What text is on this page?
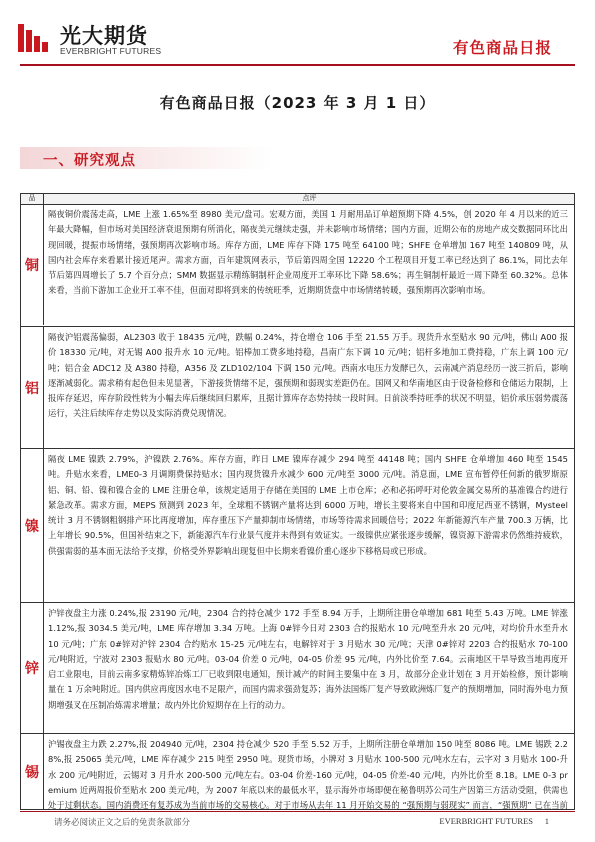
光大期货
EVERBRIGHT FUTURES	有色商品日报
有色商品日报（2023 年 3 月 1 日）
一、研究观点
品	点评
铜

隔夜铜价震荡走高，LME 上涨 1.65%至 8980 美元/盘司。宏观方面，美国 1 月耐用品订单超预期下降 4.5%，创 2020 年 4 月以来的近三年最大降幅，但市场对美国经济衰退预期有所消化，隔夜美元继续走强，并未影响市场情绪；国内方面，近期公布的房地产成交数据同环比出现回暖，提振市场情绪，强预期再次影响市场。库存方面，LME 库存下降 175 吨至 64100 吨；SHFE 仓单增加 167 吨至 140809 吨，从国内社会库存来看累计接近尾声。需求方面，百年建筑网表示，节后第四周全国 12220 个工程项目开复工率已经达到了 86.1%，同比去年节后第四周增长了 5.7 个百分点；SMM 数据显示精练铜制杆企业周度开工率环比下降 58.6%；再生铜制杆最近一周下降至 60.32%。总体来看，当前下游加工企业开工率不佳，但面对即将到来的传统旺季，近期期货盘中市场情绪转暖，强预期再次影响市场。

铝

隔夜沪铝震荡偏弱，AL2303 收于 18435 元/吨，跌幅 0.24%，持仓增仓 106 手至 21.55 万手。现货升水至贴水 90 元/吨，佛山 A00 报价 18330 元/吨，对无锡 A00 报升水 10 元/吨。铝棒加工费多地持稳，昌南广东下调 10 元/吨；铝杆多地加工费持稳，广东上调 100 元/吨；铝合金 ADC12 及 A380 持稳，A356 及 ZLD102/104 下调 150 元/吨。西南水电压力发酵已久，云南减产消息经历一波三折后，影响逐渐减弱化。需求稍有起色但未见显著，下游接货情绪不足，强预期和弱现实差距仍在。国网又和华南地区由于设备检修和仓储运力限制，上报库存延迟，库存阶段性转为小幅去库后继续回归累库，且据计算库存态势持续一段时间。日前淡季持旺季的状况不明显，铝价承压弱势震荡运行，关注后续库存走势以及实际消费兑现情况。

镍

隔夜 LME 镍跌 2.79%，沪镍跌 2.76%。库存方面，昨日 LME 镍库存减少 294 吨至 44148 吨；国内 SHFE 仓单增加 460 吨至 1545 吨。升贴水来看，LME0-3 月调期费保持贴水；国内现货镍升水减少 600 元/吨至 3000 元/吨。消息面，LME 宣布暂停任何新的俄罗斯原铝、铜、铅、镍和镍合金的 LME 注册仓单，该规定适用于存储在美国的 LME 上市仓库；必和必拓呼吁对伦敦金属交易所的基准镍合约进行紧急改革。需求方面，MEPS 预测到 2023 年，全球粗不锈钢产量将达到 6000 万吨，增长主要将来自中国和印度尼西亚不锈钢，Mysteel 统计 3 月不锈钢粗钢排产环比再度增加，库存重压下产量抑制市场情绪，市场等待需求回暖信号；2022 年新能源汽车产量 700.3 万辆，比上年增长 90.5%，但国补结束之下，新能源汽车行业景气度并未得到有效证实。一级镍供应紧张逐步缓解，镍资源下游需求仍然维持疲软，供强需弱的基本面无法给予支撑，价格受外界影响出现复但中长期来看镍价重心逐步下移格局或已形成。

锌

沪锌夜盘主力涨 0.24%,报 23190 元/吨，2304 合约持仓减少 172 手至 8.94 万手，上期所注册仓单增加 681 吨至 5.43 万吨。LME 锌涨 1.12%,报 3034.5 美元/吨，LME 库存增加 3.34 万吨。上海 0#锌今日对 2303 合约报贴水 10 元/吨至升水 20 元/吨，对均价升水至升水 10 元/吨；广东 0#锌对沪锌 2304 合约贴水 15-25 元/吨左右，电解锌对于 3 月贴水 30 元/吨；天津 0#锌对 2203 合约报贴水 70-100 元/吨附近，宁波对 2303 报贴水 80 元/吨。03-04 价差 0 元/吨，04-05 价差 95 元/吨，内外比价至 7.64。云南地区干旱导致当地再度开启工业限电，目前云南多家精炼锌冶炼工厂已收到限电通知，预计减产的时间主要集中在 3 月，故部分企业计划在 3 月开始检修，预计影响量在 1 万余吨附近。国内供应再度因水电不足限产，而国内需求强劲复苏；海外法国炼厂复产导致欧洲炼厂复产的预期增加，同时海外电力预期增强叉在压制冶炼需求增量；故内外比价短期存在上行的动力。

锡

沪锡夜盘主力跌 2.27%,报 204940 元/吨，2304 持仓减少 520 手至 5.52 万手，上期所注册仓单增加 150 吨至 8086 吨。LME 锡跌 2.28%,报 25065 美元/吨，LME 库存减少 215 吨至 2950 吨。现货市场，小牌对 3 月贴水 100-500 元/吨水左右，云字对 3 月贴水 100-升水 200 元/吨附近，云锡对 3 月升水 200-500 元/吨左右。03-04 价差-160 元/吨，04-05 价差-40 元/吨，内外比价至 8.18。LME 0-3 premium 近两周报价至贴水 200 美元/吨，为 2007 年底以来的最低水平，显示海外市场即便在秘鲁明苏公司生产因第三方活动受阻，供需也处于过剩状态。国内消费还有复苏成为当前市场的交易核心。对于市场从去年 11 月开始交易的 “强预期与弱现实” 而言，“强预期” 已在当前

请务必阅读正文之后的免责条款部分	EVERBRIGHT FUTURES 1
